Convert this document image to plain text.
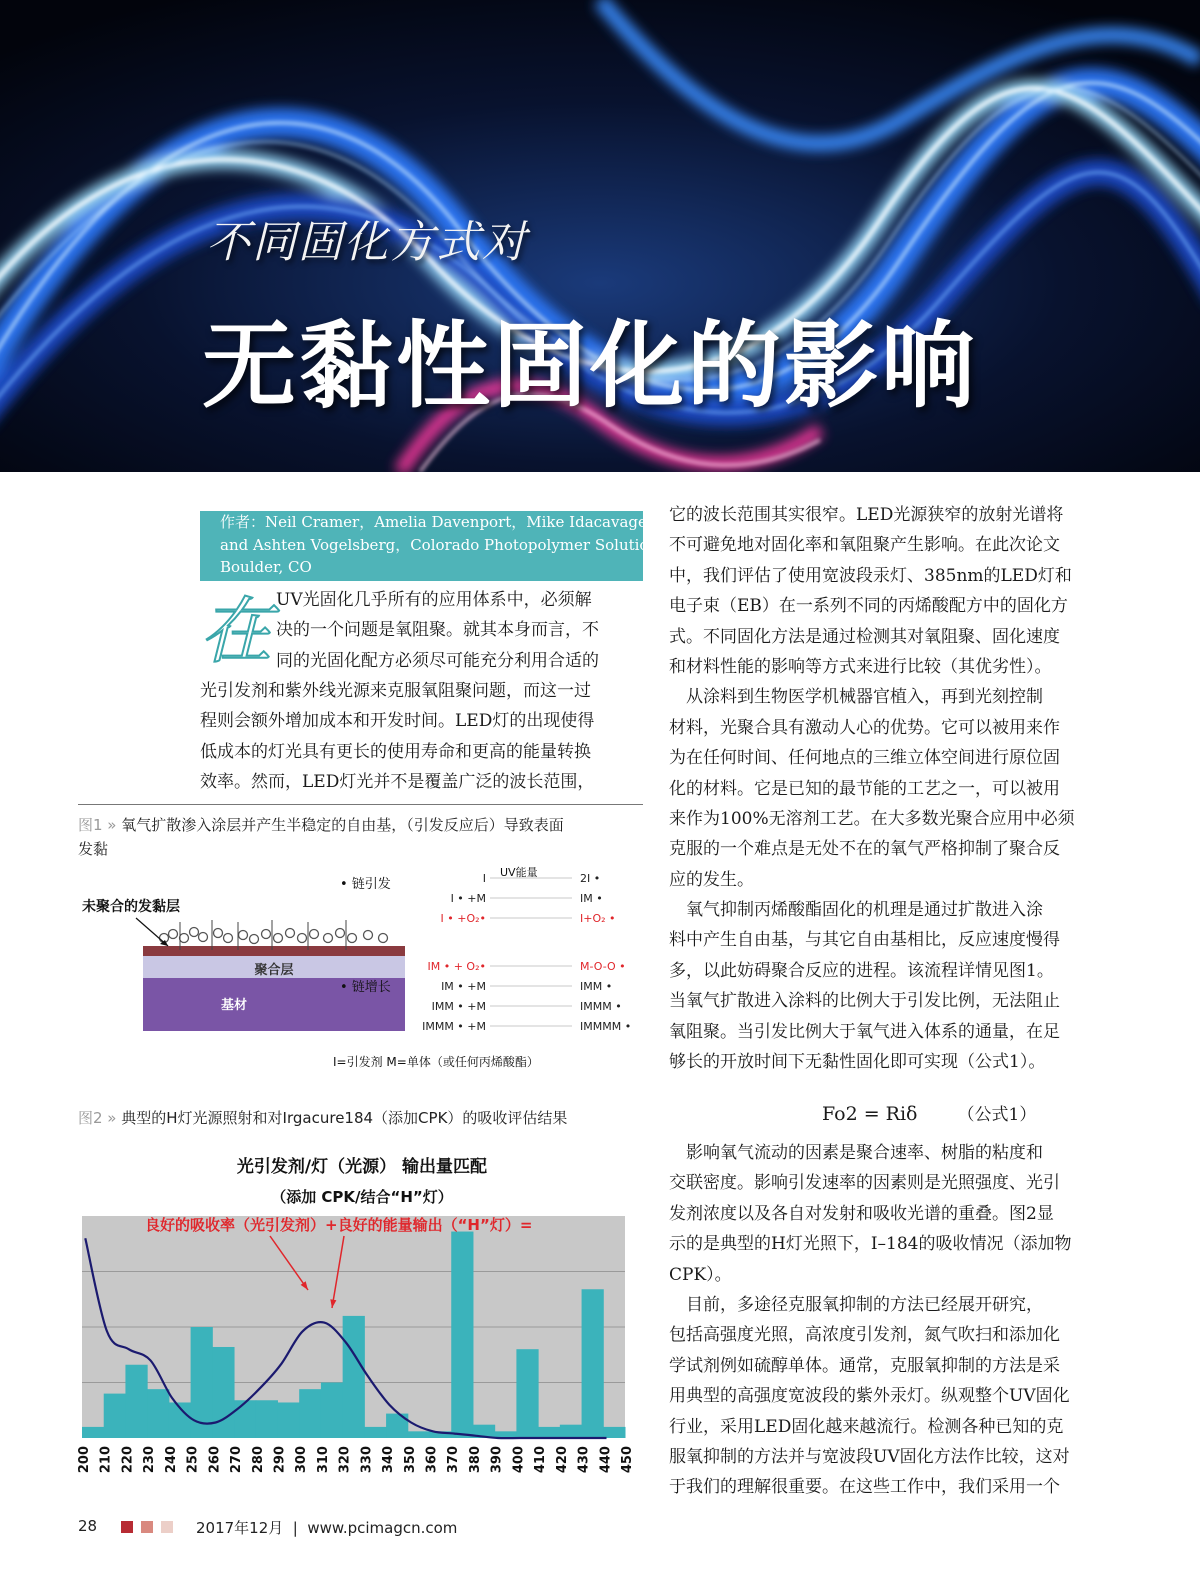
不同固化方式对
无黏性固化的影响
作者：Neil Cramer，Amelia Davenport，Mike Idacavage
and Ashten Vogelsberg，Colorado Photopolymer Solutions,
Boulder, CO
在 UV光固化几乎所有的应用体系中，必须解
决的一个问题是氧阻聚。就其本身而言，不
同的光固化配方必须尽可能充分利用合适的
光引发剂和紫外线光源来克服氧阻聚问题，而这一过
程则会额外增加成本和开发时间。LED灯的出现使得
低成本的灯光具有更长的使用寿命和更高的能量转换
效率。然而，LED灯光并不是覆盖广泛的波长范围，
图1 » 氧气扩散渗入涂层并产生半稳定的自由基，（引发反应后）导致表面
发黏
未聚合的发黏层
聚合层
基材
• 链引发
• 链增长
UV能量
I	2I •
I • +M	IM •
I • +O₂•	I+O₂ •
IM • + O₂•	M-O-O •
IM • +M	IMM •
IMM • +M	IMMM •
IMMM • +M	IMMMM •
I=引发剂 M=单体（或任何丙烯酸酯）
图2 » 典型的H灯光源照射和对Irgacure184（添加CPK）的吸收评估结果
光引发剂/灯（光源） 输出量匹配
（添加 CPK/结合“H”灯）
良好的吸收率（光引发剂）+良好的能量输出（“H”灯）=
200 210 220 230 240 250 260 270 280 290 300 310 320 330 340 350 360 370 380 390 400 410 420 430 440 450
它的波长范围其实很窄。LED光源狭窄的放射光谱将
不可避免地对固化率和氧阻聚产生影响。在此次论文
中，我们评估了使用宽波段汞灯、385nm的LED灯和
电子束（EB）在一系列不同的丙烯酸配方中的固化方
式。不同固化方法是通过检测其对氧阻聚、固化速度
和材料性能的影响等方式来进行比较（其优劣性）。
　从涂料到生物医学机械器官植入，再到光刻控制
材料，光聚合具有激动人心的优势。它可以被用来作
为在任何时间、任何地点的三维立体空间进行原位固
化的材料。它是已知的最节能的工艺之一，可以被用
来作为100%无溶剂工艺。在大多数光聚合应用中必须
克服的一个难点是无处不在的氧气严格抑制了聚合反
应的发生。
　氧气抑制丙烯酸酯固化的机理是通过扩散进入涂
料中产生自由基，与其它自由基相比，反应速度慢得
多，以此妨碍聚合反应的进程。该流程详情见图1。
当氧气扩散进入涂料的比例大于引发比例，无法阻止
氧阻聚。当引发比例大于氧气进入体系的通量，在足
够长的开放时间下无黏性固化即可实现（公式1）。
Fo2 = Riδ （公式1）
　影响氧气流动的因素是聚合速率、树脂的粘度和
交联密度。影响引发速率的因素则是光照强度、光引
发剂浓度以及各自对发射和吸收光谱的重叠。图2显
示的是典型的H灯光照下，I–184的吸收情况（添加物
CPK）。
　目前，多途径克服氧抑制的方法已经展开研究，
包括高强度光照，高浓度引发剂，氮气吹扫和添加化
学试剂例如硫醇单体。通常，克服氧抑制的方法是采
用典型的高强度宽波段的紫外汞灯。纵观整个UV固化
行业，采用LED固化越来越流行。检测各种已知的克
服氧抑制的方法并与宽波段UV固化方法作比较，这对
于我们的理解很重要。在这些工作中，我们采用一个
28	2017年12月  |  www.pcimagcn.com
